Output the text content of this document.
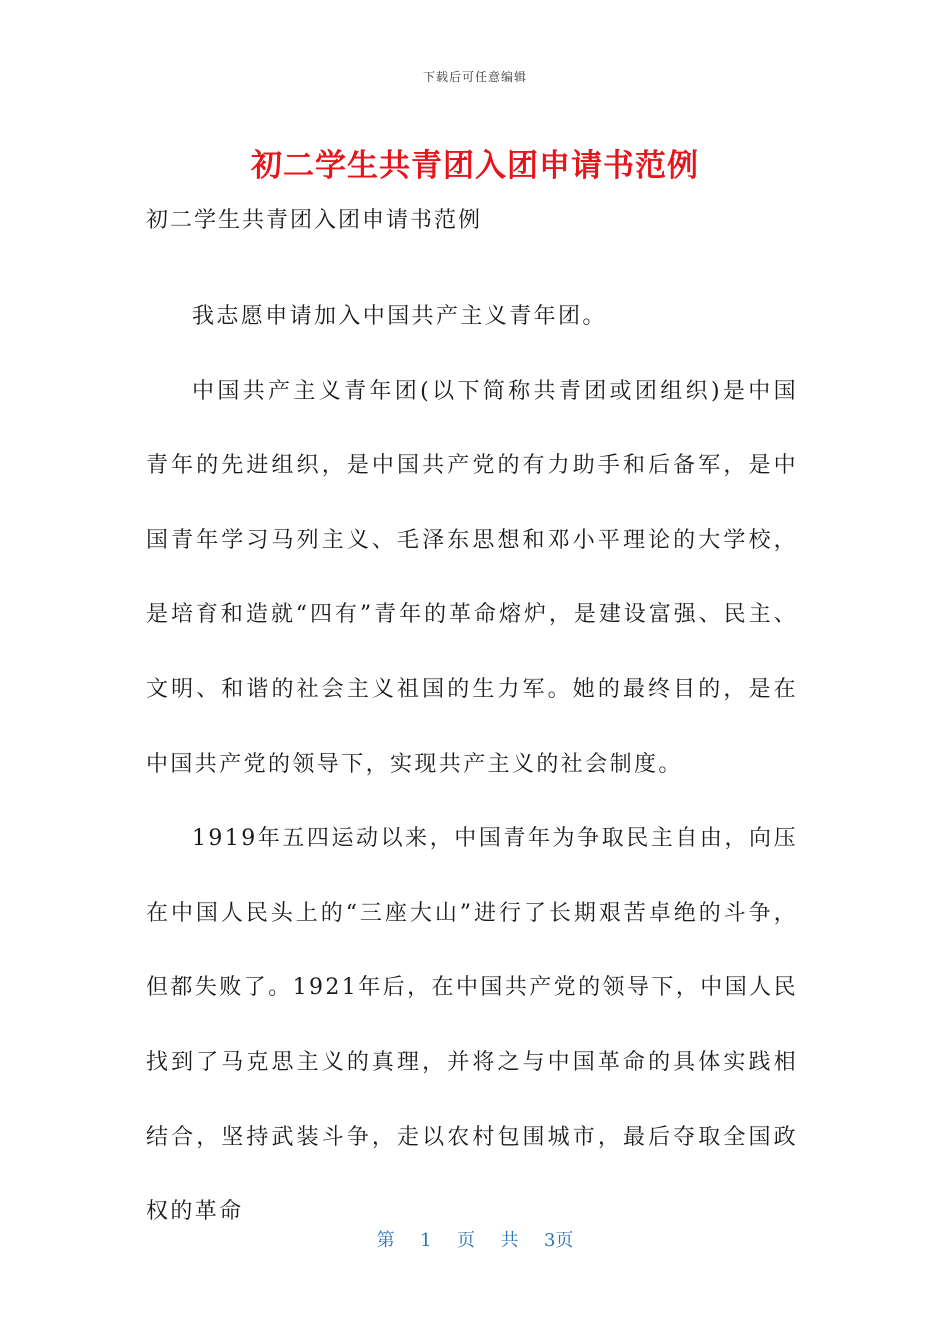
下载后可任意编辑
初二学生共青团入团申请书范例

初二学生共青团入团申请书范例

我志愿申请加入中国共产主义青年团。

中国共产主义青年团(以下简称共青团或团组织)是中国青年的先进组织，是中国共产党的有力助手和后备军，是中国青年学习马列主义、毛泽东思想和邓小平理论的大学校，是培育和造就“四有”青年的革命熔炉，是建设富强、民主、文明、和谐的社会主义祖国的生力军。她的最终目的，是在中国共产党的领导下，实现共产主义的社会制度。

1919年五四运动以来，中国青年为争取民主自由，向压在中国人民头上的“三座大山”进行了长期艰苦卓绝的斗争，但都失败了。1921年后，在中国共产党的领导下，中国人民找到了马克思主义的真理，并将之与中国革命的具体实践相结合，坚持武装斗争，走以农村包围城市，最后夺取全国政权的革命

第 1 页 共 3页
